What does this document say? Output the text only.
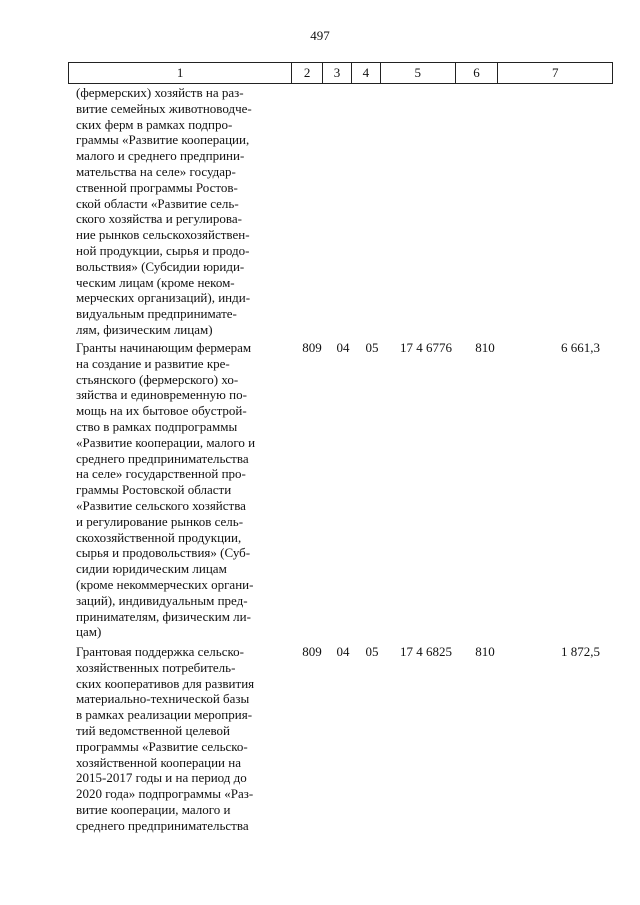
497
1	2	3	4	5	6	7
(фермерских) хозяйств на раз-
витие семейных животноводче-
ских ферм в рамках подпро-
граммы «Развитие кооперации,
малого и среднего предприни-
мательства на селе» государ-
ственной программы Ростов-
ской области «Развитие сель-
ского хозяйства и регулирова-
ние рынков сельскохозяйствен-
ной продукции, сырья и продо-
вольствия» (Субсидии юриди-
ческим лицам (кроме неком-
мерческих организаций), инди-
видуальным предпринимате-
лям, физическим лицам)
Гранты начинающим фермерам
на создание и развитие кре-
стьянского (фермерского) хо-
зяйства и единовременную по-
мощь на их бытовое обустрой-
ство в рамках подпрограммы
«Развитие кооперации, малого и
среднего предпринимательства
на селе» государственной про-
граммы Ростовской области
«Развитие сельского хозяйства
и регулирование рынков сель-
скохозяйственной продукции,
сырья и продовольствия» (Суб-
сидии юридическим лицам
(кроме некоммерческих органи-
заций), индивидуальным пред-
принимателям, физическим ли-
цам)
809	04	05	17 4 6776	810	6 661,3
Грантовая поддержка сельско-
хозяйственных потребитель-
ских кооперативов для развития
материально-технической базы
в рамках реализации мероприя-
тий ведомственной целевой
программы «Развитие сельско-
хозяйственной кооперации на
2015-2017 годы и на период до
2020 года» подпрограммы «Раз-
витие кооперации, малого и
среднего предпринимательства
809	04	05	17 4 6825	810	1 872,5
